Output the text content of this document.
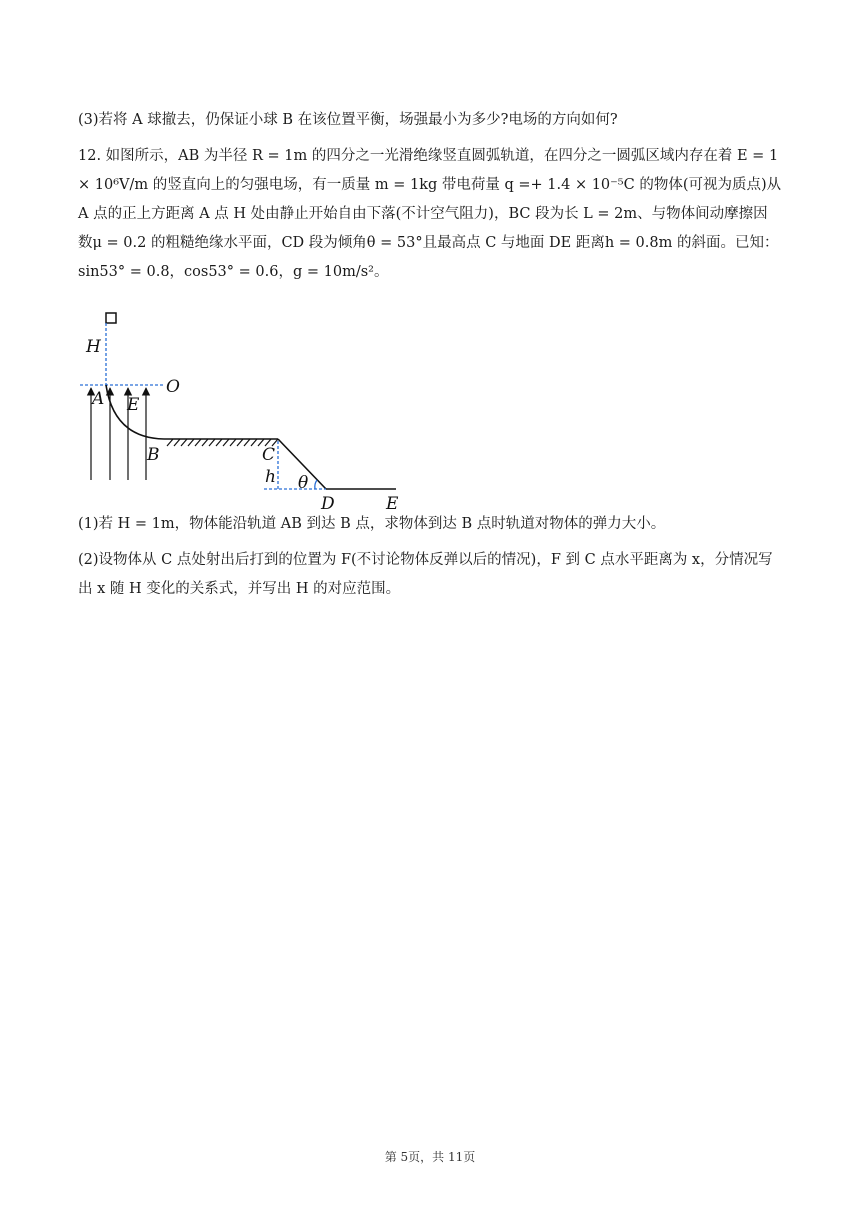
(3)若将 A 球撤去，仍保证小球 B 在该位置平衡，场强最小为多少?电场的方向如何?

12. 如图所示，AB 为半径 R = 1m 的四分之一光滑绝缘竖直圆弧轨道，在四分之一圆弧区域内存在着 E = 1 × 10⁶V/m 的竖直向上的匀强电场，有一质量 m = 1kg 带电荷量 q =+ 1.4 × 10⁻⁵C 的物体(可视为质点)从 A 点的正上方距离 A 点 H 处由静止开始自由下落(不计空气阻力)，BC 段为长 L = 2m、与物体间动摩擦因数μ = 0.2 的粗糙绝缘水平面，CD 段为倾角θ = 53°且最高点 C 与地面 DE 距离h = 0.8m 的斜面。已知：sin53° = 0.8，cos53° = 0.6，g = 10m/s²。

H
A E
O
B	C
h θ
D	E

(1)若 H = 1m，物体能沿轨道 AB 到达 B 点，求物体到达 B 点时轨道对物体的弹力大小。

(2)设物体从 C 点处射出后打到的位置为 F(不讨论物体反弹以后的情况)，F 到 C 点水平距离为 x，分情况写出 x 随 H 变化的关系式，并写出 H 的对应范围。

第 5页，共 11页
